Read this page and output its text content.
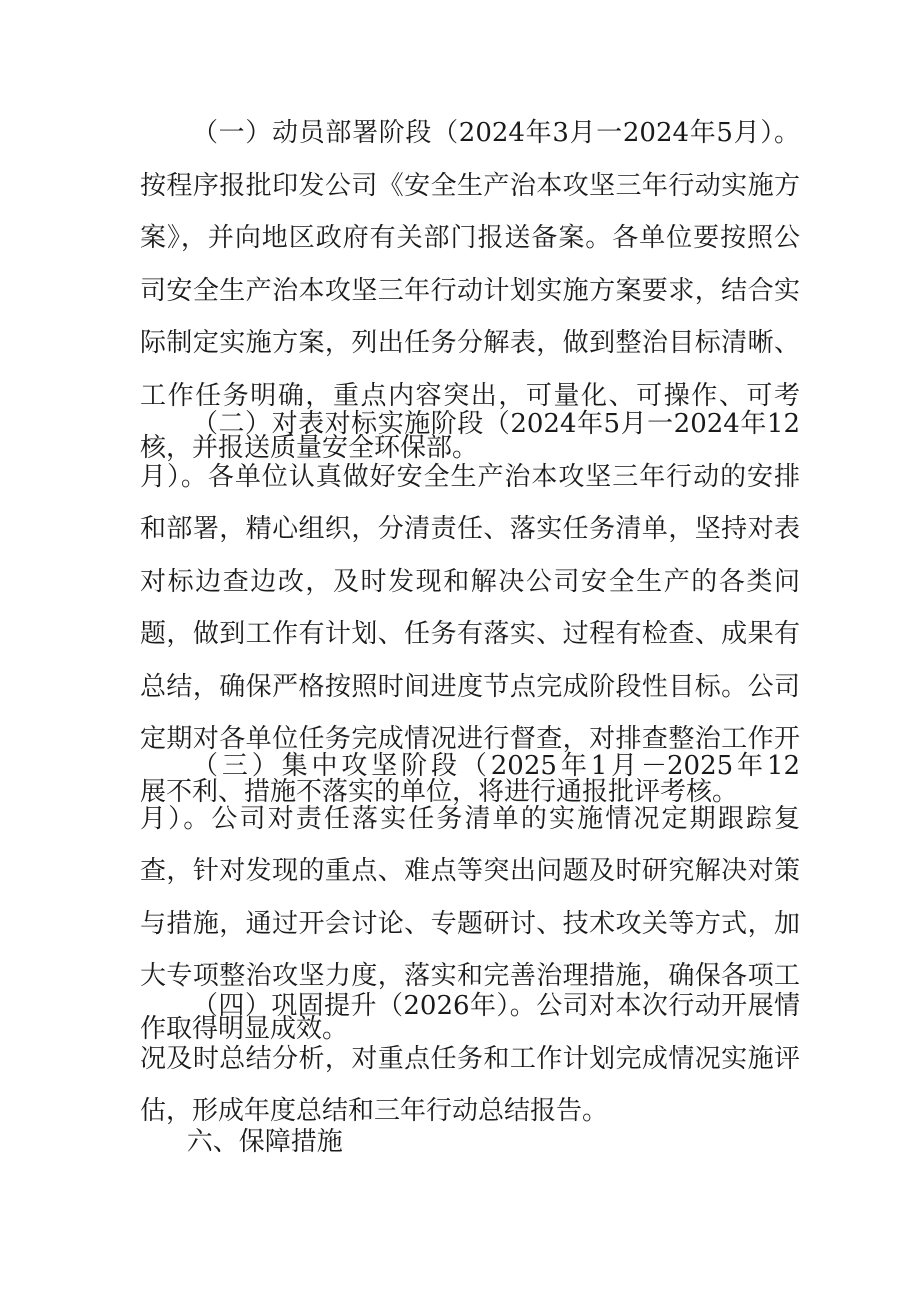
（一）动员部署阶段（2024年3月一2024年5月）。按程序报批印发公司《安全生产治本攻坚三年行动实施方案》，并向地区政府有关部门报送备案。各单位要按照公司安全生产治本攻坚三年行动计划实施方案要求，结合实际制定实施方案，列出任务分解表，做到整治目标清晰、工作任务明确，重点内容突出，可量化、可操作、可考核，并报送质量安全环保部。

（二）对表对标实施阶段（2024年5月一2024年12月）。各单位认真做好安全生产治本攻坚三年行动的安排和部署，精心组织，分清责任、落实任务清单，坚持对表对标边查边改，及时发现和解决公司安全生产的各类问题，做到工作有计划、任务有落实、过程有检查、成果有总结，确保严格按照时间进度节点完成阶段性目标。公司定期对各单位任务完成情况进行督查，对排查整治工作开展不利、措施不落实的单位，将进行通报批评考核。

（三）集中攻坚阶段（2025年1月－2025年12月）。公司对责任落实任务清单的实施情况定期跟踪复查，针对发现的重点、难点等突出问题及时研究解决对策与措施，通过开会讨论、专题研讨、技术攻关等方式，加大专项整治攻坚力度，落实和完善治理措施，确保各项工作取得明显成效。

（四）巩固提升（2026年）。公司对本次行动开展情况及时总结分析，对重点任务和工作计划完成情况实施评估，形成年度总结和三年行动总结报告。

六、保障措施
